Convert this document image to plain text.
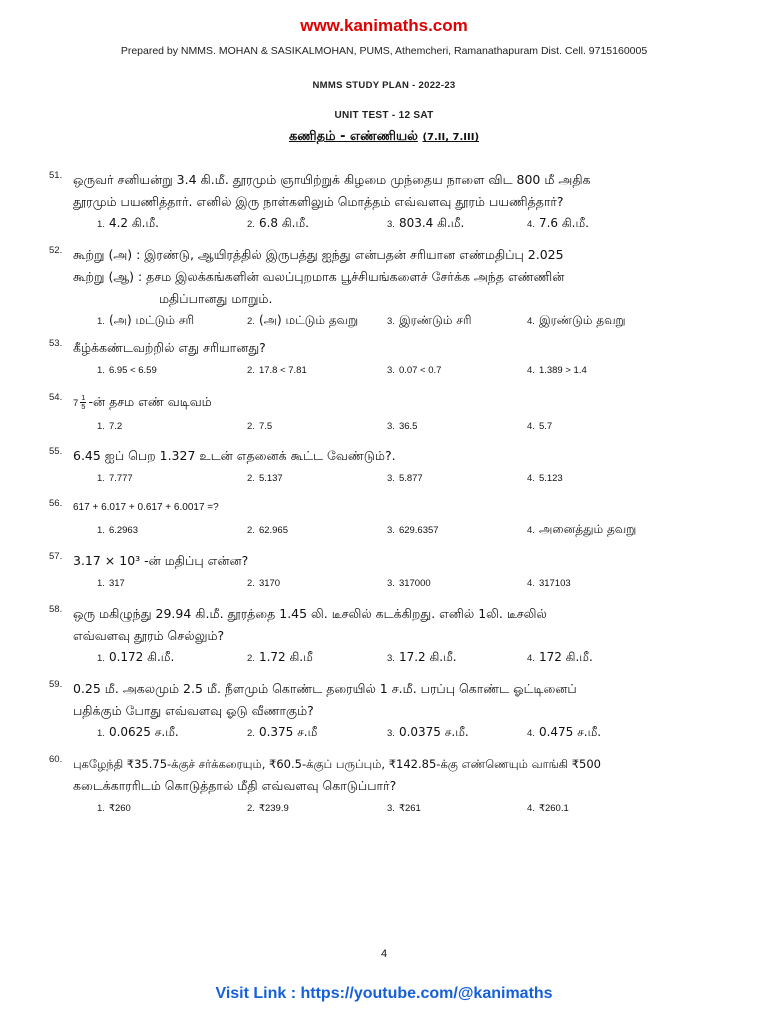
www.kanimaths.com
Prepared by NMMS. MOHAN & SASIKALMOHAN, PUMS, Athemcheri, Ramanathapuram Dist. Cell. 9715160005
NMMS STUDY PLAN - 2022-23
UNIT TEST - 12 SAT
கணிதம் - எண்ணியல் (7.II, 7.III)
51. ஒருவர் சனியன்று 3.4 கி.மீ. தூரமும் ஞாயிற்றுக் கிழமை முந்தைய நாளை விட 800 மீ அதிக
தூரமும் பயணித்தார். எனில் இரு நாள்களிலும் மொத்தம் எவ்வளவு தூரம் பயணித்தார்?
1. 4.2 கி.மீ.	2. 6.8 கி.மீ.	3. 803.4 கி.மீ.	4. 7.6 கி.மீ.
52. கூற்று (அ) : இரண்டு, ஆயிரத்தில் இருபத்து ஐந்து என்பதன் சரியான எண்மதிப்பு 2.025
கூற்று (ஆ) : தசம இலக்கங்களின் வலப்புறமாக பூச்சியங்களைச் சேர்க்க அந்த எண்ணின்
மதிப்பானது மாறும்.
1. (அ) மட்டும் சரி	2. (அ) மட்டும் தவறு	3. இரண்டும் சரி	4. இரண்டும் தவறு
53. கீழ்க்கண்டவற்றில் எது சரியானது?
1. 6.95 < 6.59	2. 17.8 < 7.81	3. 0.07 < 0.7	4. 1.389 > 1.4
54.
$7 \frac{1}{5}$ -ன் தசம எண் வடிவம்
1. 7.2	2. 7.5	3. 36.5	4. 5.7
55. 6.45 ஐப் பெற 1.327 உடன் எதனைக் கூட்ட வேண்டும்?.
1. 7.777	2. 5.137	3. 5.877	4. 5.123
56. 617 + 6.017 + 0.617 + 6.0017 =?
1. 6.2963	2. 62.965	3. 629.6357	4. அனைத்தும் தவறு
57. 3.17 × 10³ -ன் மதிப்பு என்ன?
1. 317	2. 3170	3. 317000	4. 317103
58. ஒரு மகிழுந்து 29.94 கி.மீ. தூரத்தை 1.45 லி. டீசலில் கடக்கிறது. எனில் 1லி. டீசலில்
எவ்வளவு தூரம் செல்லும்?
1. 0.172 கி.மீ.	2. 1.72 கி.மீ	3. 17.2 கி.மீ.	4. 172 கி.மீ.
59. 0.25 மீ. அகலமும் 2.5 மீ. நீளமும் கொண்ட தரையில் 1 ச.மீ. பரப்பு கொண்ட ஓட்டினைப்
பதிக்கும் போது எவ்வளவு ஓடு வீணாகும்?
1. 0.0625 ச.மீ.	2. 0.375 ச.மீ	3. 0.0375 ச.மீ.	4. 0.475 ச.மீ.
60. புகழேந்தி ₹35.75-க்குச் சர்க்கரையும், ₹60.5-க்குப் பருப்பும், ₹142.85-க்கு எண்ணெயும் வாங்கி ₹500
கடைக்காரரிடம் கொடுத்தால் மீதி எவ்வளவு கொடுப்பார்?
1. ₹260	2. ₹239.9	3. ₹261	4. ₹260.1
4
Visit Link : https://youtube.com/@kanimaths
